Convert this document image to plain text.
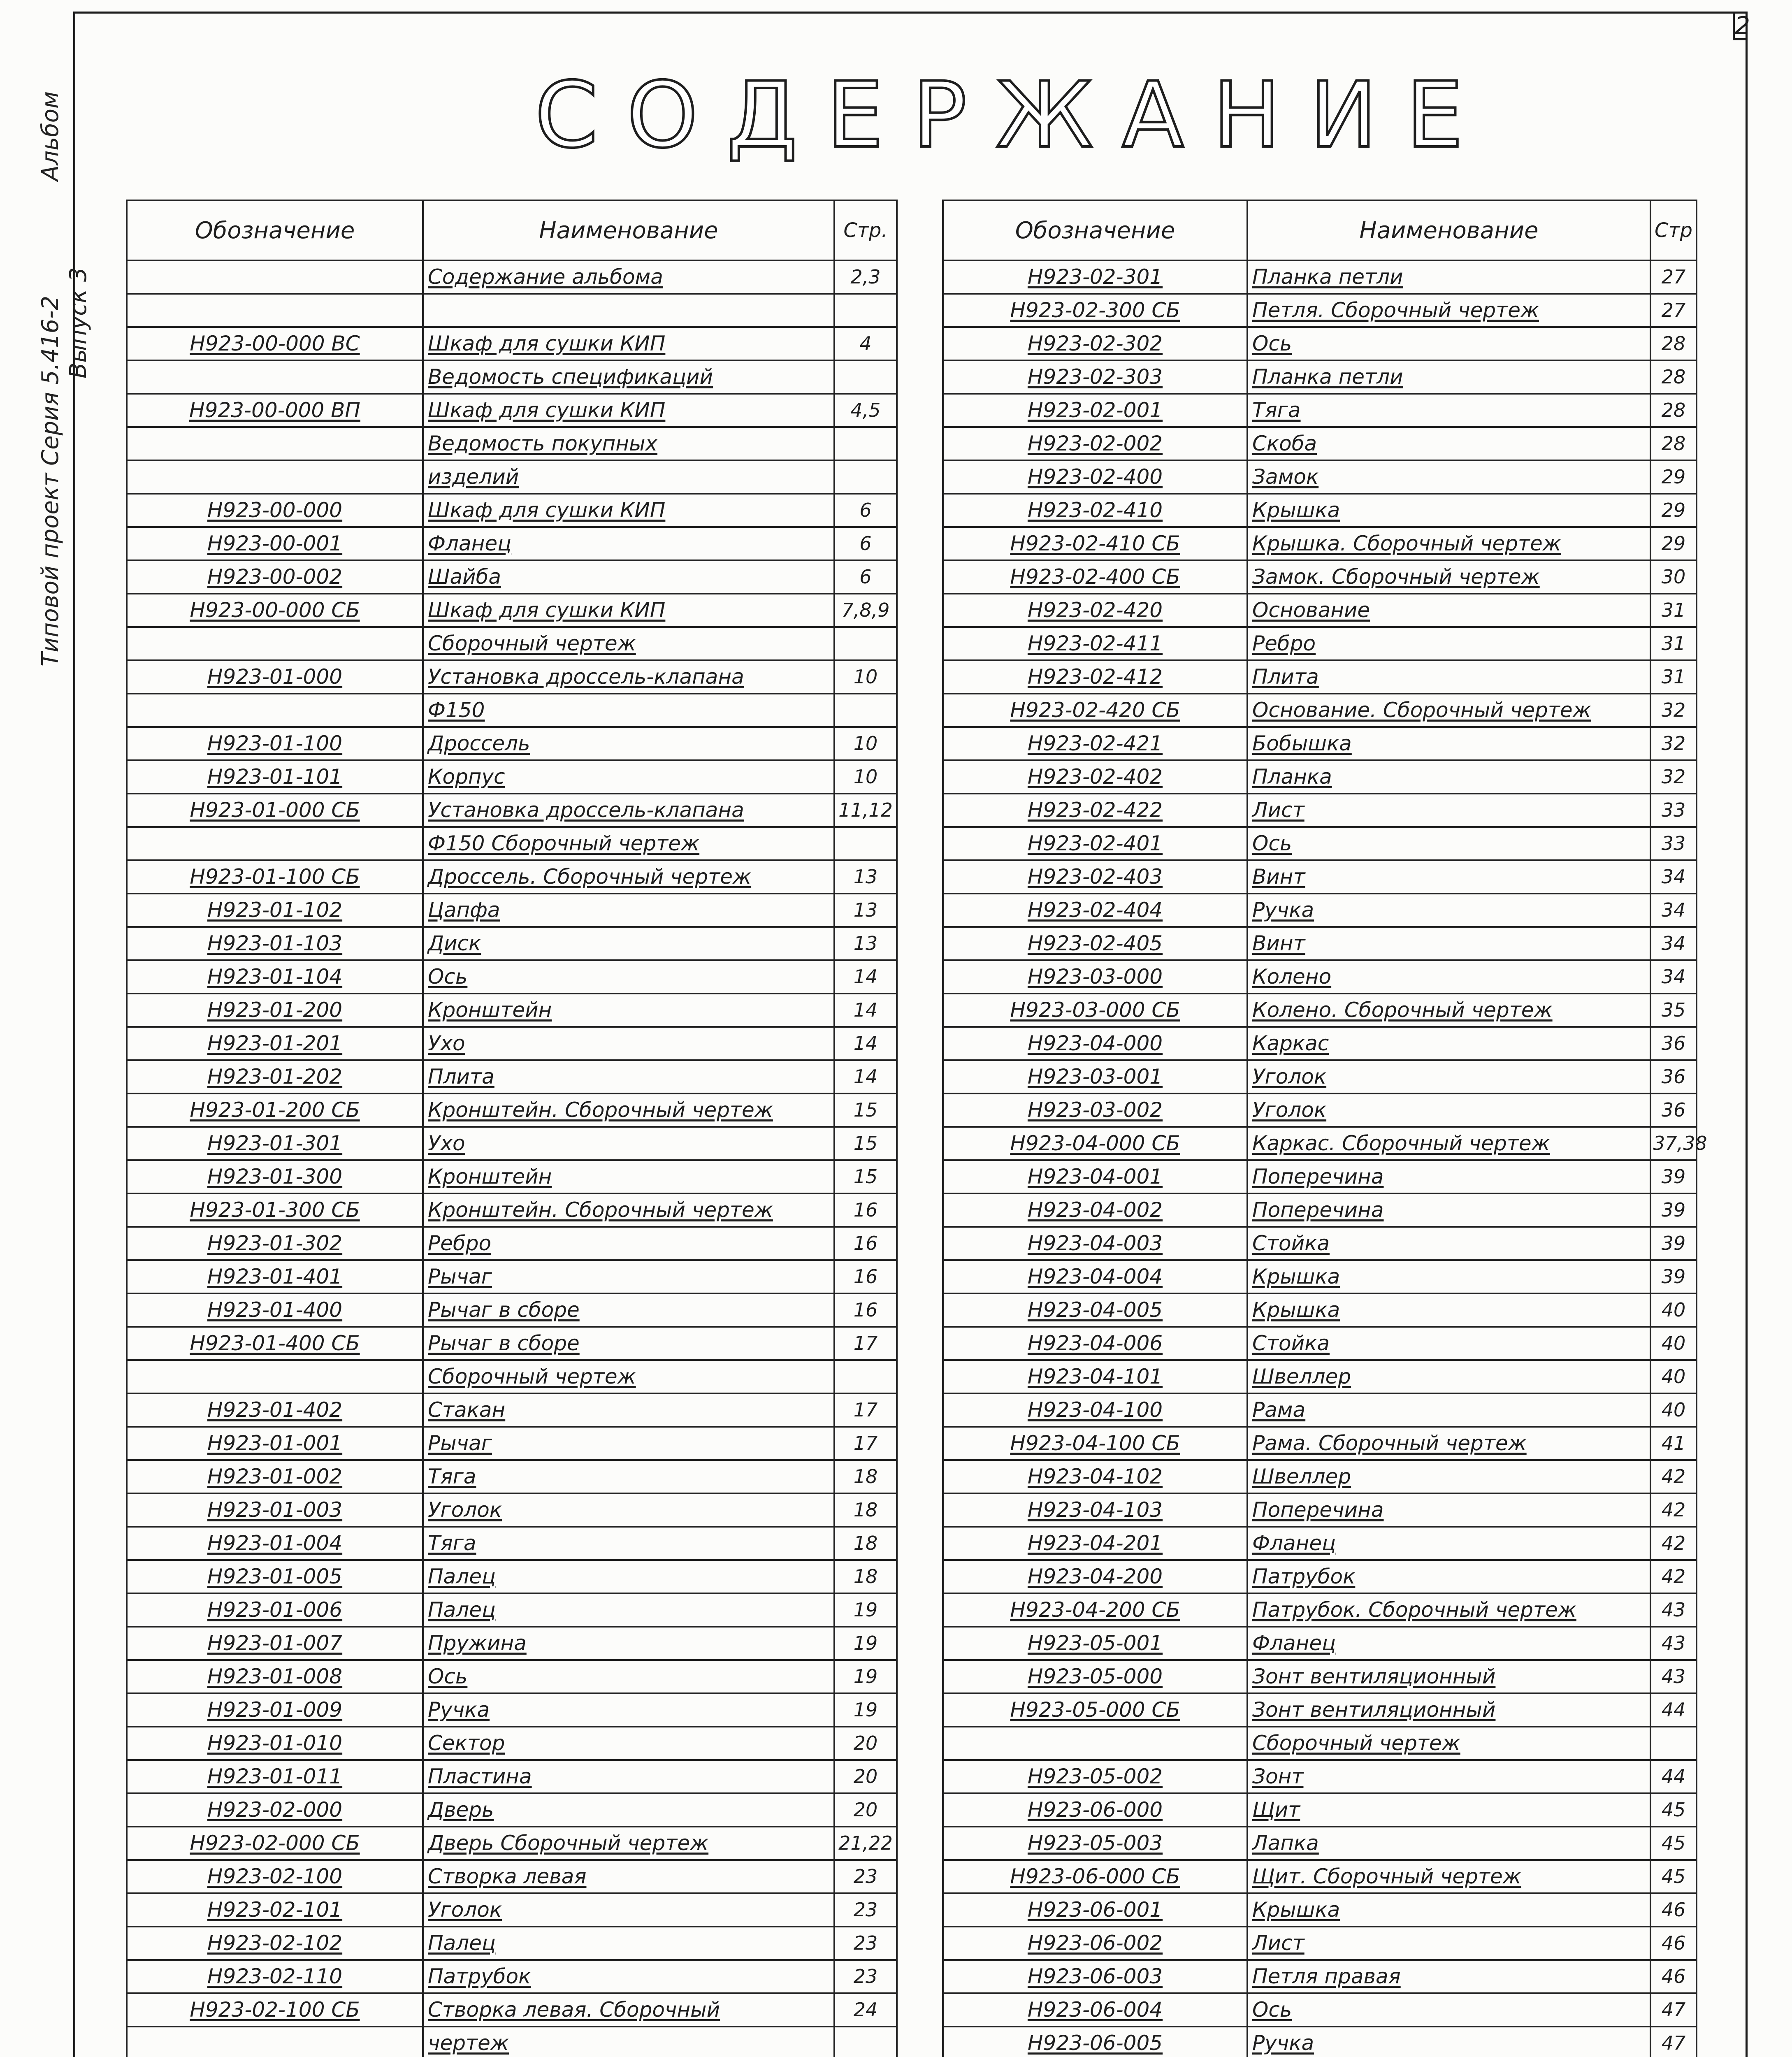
2
Альбом
Типовой проект Серия 5.416-2 Выпуск 3
СОДЕРЖАНИЕ
Обозначение	Наименование	Стр.
	Содержание альбома	2,3

Н923-00-000 ВС	Шкаф для сушки КИП	4
	Ведомость спецификаций	
Н923-00-000 ВП	Шкаф для сушки КИП	4,5
	Ведомость покупных	
	изделий	
Н923-00-000	Шкаф для сушки КИП	6
Н923-00-001	Фланец	6
Н923-00-002	Шайба	6
Н923-00-000 СБ	Шкаф для сушки КИП	7,8,9
	Сборочный чертеж	
Н923-01-000	Установка дроссель-клапана	10
	Ф150	
Н923-01-100	Дроссель	10
Н923-01-101	Корпус	10
Н923-01-000 СБ	Установка дроссель-клапана	11,12
	Ф150 Сборочный чертеж	
Н923-01-100 СБ	Дроссель. Сборочный чертеж	13
Н923-01-102	Цапфа	13
Н923-01-103	Диск	13
Н923-01-104	Ось	14
Н923-01-200	Кронштейн	14
Н923-01-201	Ухо	14
Н923-01-202	Плита	14
Н923-01-200 СБ	Кронштейн. Сборочный чертеж	15
Н923-01-301	Ухо	15
Н923-01-300	Кронштейн	15
Н923-01-300 СБ	Кронштейн. Сборочный чертеж	16
Н923-01-302	Ребро	16
Н923-01-401	Рычаг	16
Н923-01-400	Рычаг в сборе	16
Н923-01-400 СБ	Рычаг в сборе	17
	Сборочный чертеж	
Н923-01-402	Стакан	17
Н923-01-001	Рычаг	17
Н923-01-002	Тяга	18
Н923-01-003	Уголок	18
Н923-01-004	Тяга	18
Н923-01-005	Палец	18
Н923-01-006	Палец	19
Н923-01-007	Пружина	19
Н923-01-008	Ось	19
Н923-01-009	Ручка	19
Н923-01-010	Сектор	20
Н923-01-011	Пластина	20
Н923-02-000	Дверь	20
Н923-02-000 СБ	Дверь Сборочный чертеж	21,22
Н923-02-100	Створка левая	23
Н923-02-101	Уголок	23
Н923-02-102	Палец	23
Н923-02-110	Патрубок	23
Н923-02-100 СБ	Створка левая. Сборочный	24
	чертеж	

Обозначение	Наименование	Стр
Н923-02-301	Планка петли	27
Н923-02-300 СБ	Петля. Сборочный чертеж	27
Н923-02-302	Ось	28
Н923-02-303	Планка петли	28
Н923-02-001	Тяга	28
Н923-02-002	Скоба	28
Н923-02-400	Замок	29
Н923-02-410	Крышка	29
Н923-02-410 СБ	Крышка. Сборочный чертеж	29
Н923-02-400 СБ	Замок. Сборочный чертеж	30
Н923-02-420	Основание	31
Н923-02-411	Ребро	31
Н923-02-412	Плита	31
Н923-02-420 СБ	Основание. Сборочный чертеж	32
Н923-02-421	Бобышка	32
Н923-02-402	Планка	32
Н923-02-422	Лист	33
Н923-02-401	Ось	33
Н923-02-403	Винт	34
Н923-02-404	Ручка	34
Н923-02-405	Винт	34
Н923-03-000	Колено	34
Н923-03-000 СБ	Колено. Сборочный чертеж	35
Н923-04-000	Каркас	36
Н923-03-001	Уголок	36
Н923-03-002	Уголок	36
Н923-04-000 СБ	Каркас. Сборочный чертеж	37,38
Н923-04-001	Поперечина	39
Н923-04-002	Поперечина	39
Н923-04-003	Стойка	39
Н923-04-004	Крышка	39
Н923-04-005	Крышка	40
Н923-04-006	Стойка	40
Н923-04-101	Швеллер	40
Н923-04-100	Рама	40
Н923-04-100 СБ	Рама. Сборочный чертеж	41
Н923-04-102	Швеллер	42
Н923-04-103	Поперечина	42
Н923-04-201	Фланец	42
Н923-04-200	Патрубок	42
Н923-04-200 СБ	Патрубок. Сборочный чертеж	43
Н923-05-001	Фланец	43
Н923-05-000	Зонт вентиляционный	43
Н923-05-000 СБ	Зонт вентиляционный	44
	Сборочный чертеж	
Н923-05-002	Зонт	44
Н923-06-000	Щит	45
Н923-05-003	Лапка	45
Н923-06-000 СБ	Щит. Сборочный чертеж	45
Н923-06-001	Крышка	46
Н923-06-002	Лист	46
Н923-06-003	Петля правая	46
Н923-06-004	Ось	47
Н923-06-005	Ручка	47
